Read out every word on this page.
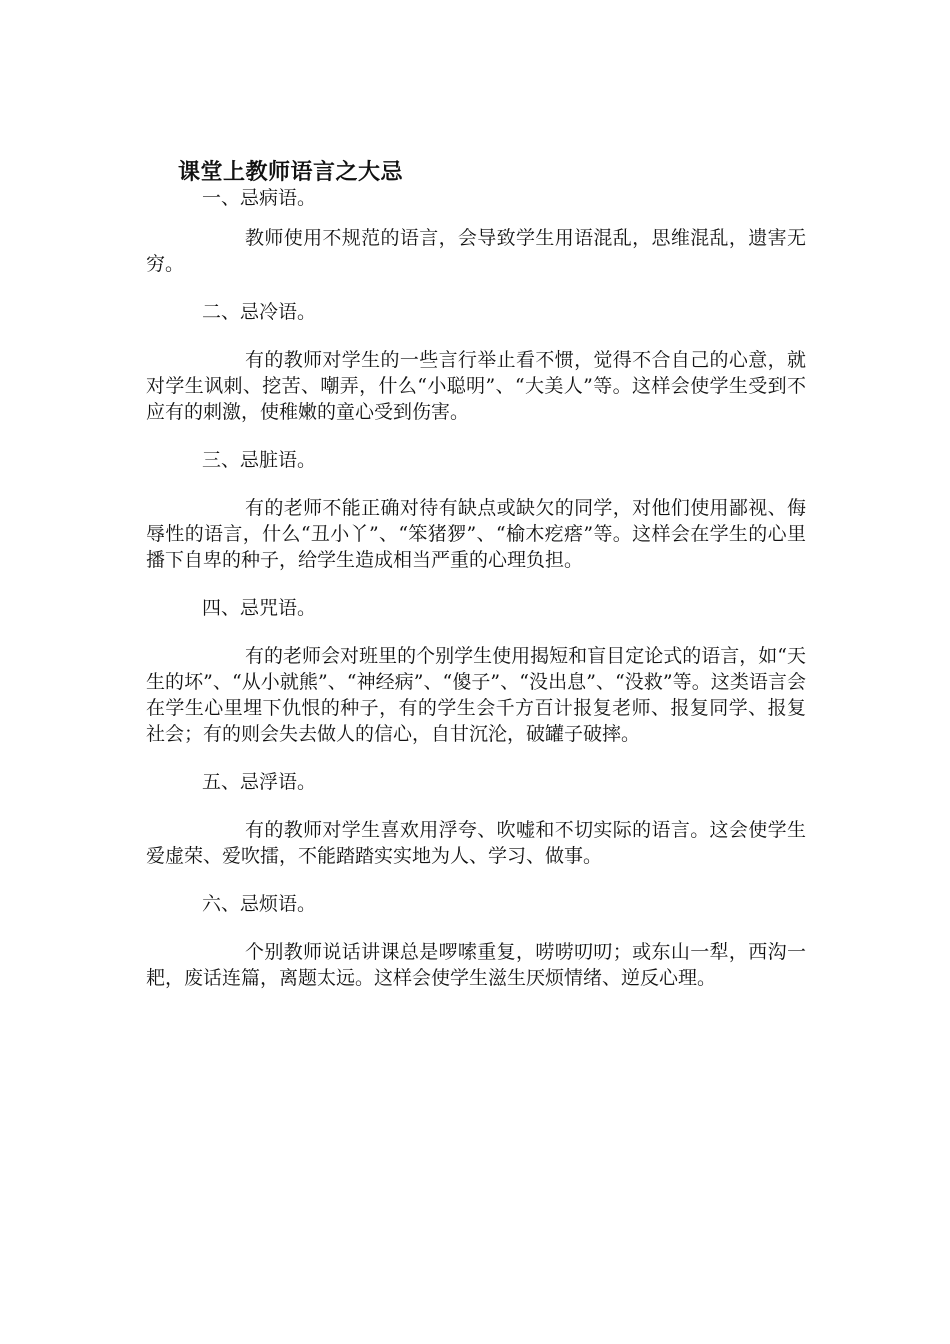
课堂上教师语言之大忌
一、忌病语。

教师使用不规范的语言，会导致学生用语混乱，思维混乱，遗害无穷。

二、忌冷语。

有的教师对学生的一些言行举止看不惯，觉得不合自己的心意，就对学生讽刺、挖苦、嘲弄，什么“小聪明”、“大美人”等。这样会使学生受到不应有的刺激，使稚嫩的童心受到伤害。

三、忌脏语。

有的老师不能正确对待有缺点或缺欠的同学，对他们使用鄙视、侮辱性的语言，什么“丑小丫”、“笨猪猡”、“榆木疙瘩”等。这样会在学生的心里播下自卑的种子，给学生造成相当严重的心理负担。

四、忌咒语。

有的老师会对班里的个别学生使用揭短和盲目定论式的语言，如“天生的坏”、“从小就熊”、“神经病”、“傻子”、“没出息”、“没救”等。这类语言会在学生心里埋下仇恨的种子，有的学生会千方百计报复老师、报复同学、报复社会；有的则会失去做人的信心，自甘沉沦，破罐子破摔。

五、忌浮语。

有的教师对学生喜欢用浮夸、吹嘘和不切实际的语言。这会使学生爱虚荣、爱吹擂，不能踏踏实实地为人、学习、做事。

六、忌烦语。

个别教师说话讲课总是啰嗦重复，唠唠叨叨；或东山一犁，西沟一耙，废话连篇，离题太远。这样会使学生滋生厌烦情绪、逆反心理。
